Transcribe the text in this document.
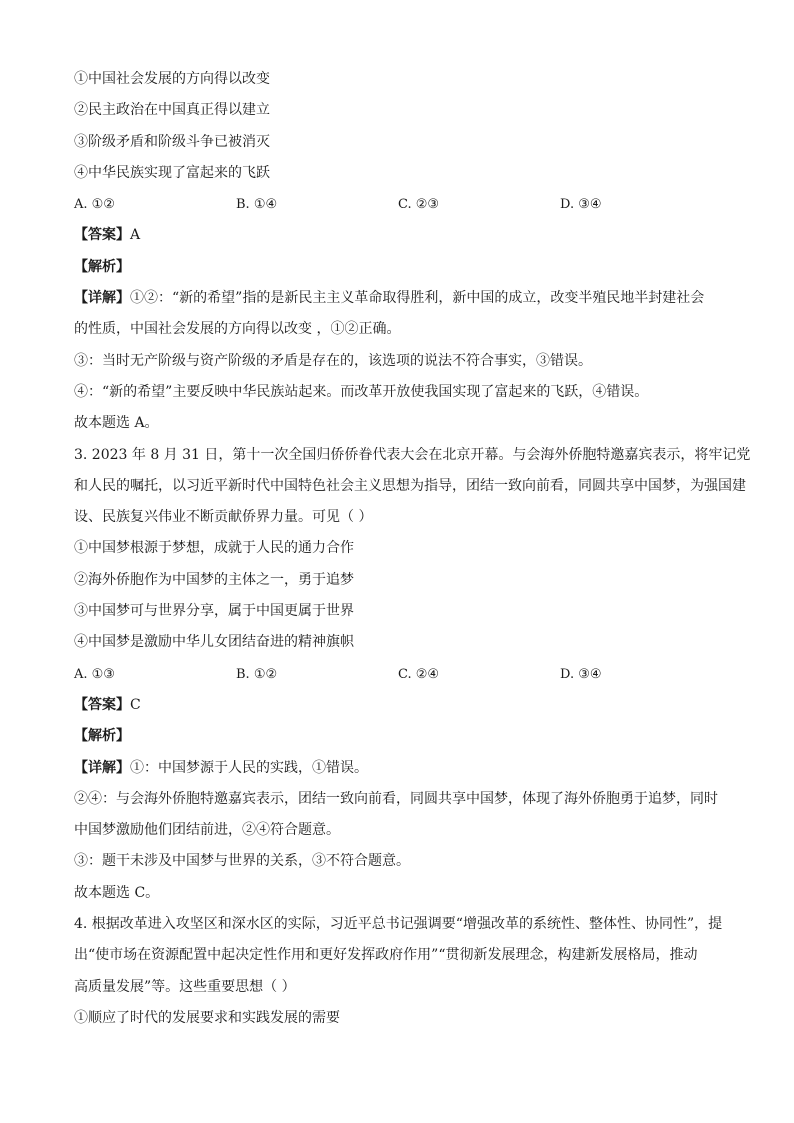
①中国社会发展的方向得以改变
②民主政治在中国真正得以建立
③阶级矛盾和阶级斗争已被消灭
④中华民族实现了富起来的飞跃
A. ①②	B. ①④	C. ②③	D. ③④
【答案】A
【解析】
【详解】①②：“新的希望”指的是新民主主义革命取得胜利，新中国的成立，改变半殖民地半封建社会
的性质，中国社会发展的方向得以改变 ，①②正确。
③：当时无产阶级与资产阶级的矛盾是存在的，该选项的说法不符合事实，③错误。
④：“新的希望”主要反映中华民族站起来。而改革开放使我国实现了富起来的飞跃，④错误。
故本题选 A。
3. 2023 年 8 月 31 日，第十一次全国归侨侨眷代表大会在北京开幕。与会海外侨胞特邀嘉宾表示，将牢记党
和人民的嘱托，以习近平新时代中国特色社会主义思想为指导，团结一致向前看，同圆共享中国梦，为强国建
设、民族复兴伟业不断贡献侨界力量。可见（ ）
①中国梦根源于梦想，成就于人民的通力合作
②海外侨胞作为中国梦的主体之一，勇于追梦
③中国梦可与世界分享，属于中国更属于世界
④中国梦是激励中华儿女团结奋进的精神旗帜
A. ①③	B. ①②	C. ②④	D. ③④
【答案】C
【解析】
【详解】①：中国梦源于人民的实践，①错误。
②④：与会海外侨胞特邀嘉宾表示，团结一致向前看，同圆共享中国梦，体现了海外侨胞勇于追梦，同时
中国梦激励他们团结前进，②④符合题意。
③：题干未涉及中国梦与世界的关系，③不符合题意。
故本题选 C。
4. 根据改革进入攻坚区和深水区的实际，习近平总书记强调要“增强改革的系统性、整体性、协同性”，提
出“使市场在资源配置中起决定性作用和更好发挥政府作用”“贯彻新发展理念，构建新发展格局，推动
高质量发展”等。这些重要思想（ ）
①顺应了时代的发展要求和实践发展的需要
